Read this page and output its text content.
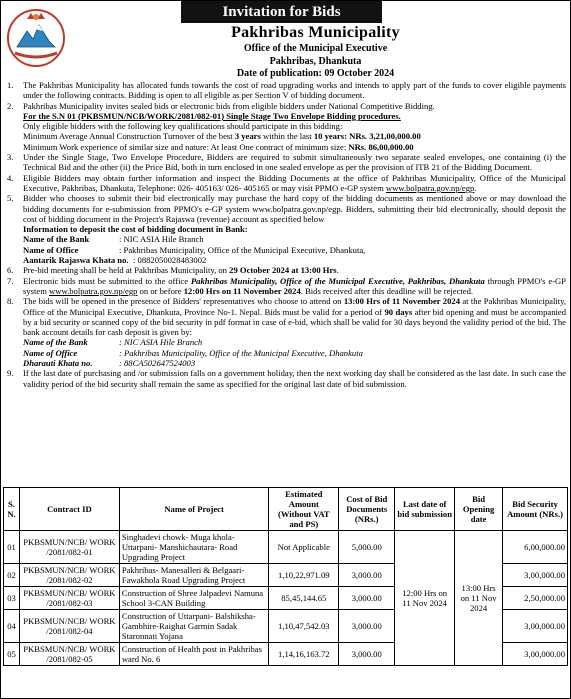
Invitation for Bids
Pakhribas Municipality
Office of the Municipal Executive
Pakhribas, Dhankuta
Date of publication: 09 October 2024
1.	The Pakhribas Municipality has allocated funds towards the cost of road upgrading works and intends to apply part of the funds to cover eligible payments under the following contracts. Bidding is open to all eligible as per Section V of bidding document.
2.	Pakhribas Municipality invites sealed bids or electronic bids from eligible bidders under National Competitive Bidding.
For the S.N 01 (PKBSMUN/NCB/WORK/2081/082-01) Single Stage Two Envelope Bidding procedures.
Only eligible bidders with the following key qualifications should participate in this bidding:
Minimum Average Annual Construction Turnover of the best 3 years within the last 10 years: NRs. 3,21,00,000.00
Minimum Work experience of similar size and nature: At least One contract of minimum size: NRs. 86,00,000.00
3.	Under the Single Stage, Two Envelope Procedure, Bidders are required to submit simultaneously two separate sealed envelopes, one containing (i) the Technical Bid and the other (ii) the Price Bid, both in turn enclosed in one sealed envelope as per the provision of ITB 21 of the Bidding Document.
4.	Eligible Bidders may obtain further information and inspect the Bidding Documents at the office of Pakhribas Municipality, Office of the Municipal Executive, Pakhribas, Dhankuta, Telephone: 026- 405163/ 026- 405165 or may visit PPMO e-GP system www.bolpatra.gov.np/egp.
5.	Bidder who chooses to submit their bid electronically may purchase the hard copy of the bidding documents as mentioned above or may download the bidding documents for e-submission from PPMO's e-GP system www.bolpatra.gov.np/egp. Bidders, submitting their bid electronically, should deposit the cost of bidding document in the Project's Rajaswa (revenue) account as specified below
Information to deposit the cost of bidding document in Bank:
Name of the Bank	: NIC ASIA Hile Branch
Name of Office	: Pakhribas Municipality, Office of the Municipal Executive, Dhankuta,
Aantarik Rajaswa Khata no. : 0882050028483002
6.	Pre-bid meeting shall be held at Pakhribas Municipality, on 29 October 2024 at 13:00 Hrs.
7.	Electronic bids must be submitted to the office Pakhribas Municipality, Office of the Municipal Executive, Pakhribas, Dhankuta through PPMO's e-GP system www.bolpatra.gov.np/egp on or before 12:00 Hrs on 11 November 2024. Bids received after this deadline will be rejected.
8.	The bids will be opened in the presence of Bidders' representatives who choose to attend on 13:00 Hrs of 11 November 2024 at the Pakhribas Municipality, Office of the Municipal Executive, Dhankuta, Province No-1. Nepal. Bids must be valid for a period of 90 days after bid opening and must be accompanied by a bid security or scanned copy of the bid security in pdf format in case of e-bid, which shall be valid for 30 days beyond the validity period of the bid. The bank account details for cash deposit is given by:
Name of the Bank	: NIC ASIA Hile Branch
Name of Office	: Pakhribas Municipality, Office of the Municipal Executive, Dhankuta
Dharauti Khata no.	: 88CA502647524003
9.	If the last date of purchasing and /or submission falls on a government holiday, then the next working day shall be considered as the last date. In such case the validity period of the bid security shall remain the same as specified for the original last date of bid submission.
S. N.	Contract ID	Name of Project	Estimated Amount (Without VAT and PS)	Cost of Bid Documents (NRs.)	Last date of bid submission	Bid Opening date	Bid Security Amount (NRs.)
01	PKBSMUN/NCB/ WORK /2081/082-01	Singhadevi chowk- Muga khola- Uttarpani- Manshichautara- Road Upgrading Project	Not Applicable	5,000.00	12:00 Hrs on 11 Nov 2024	13:00 Hrs on 11 Nov 2024	6,00,000.00
02	PKBSMUN/NCB/ WORK /2081/082-02	Pakhribas- Manesalleri & Belgaari-Fawakhola Road Upgrading Project	1,10,22,971.09	3,000.00			3,00,000.00
03	PKBSMUN/NCB/ WORK /2081/082-03	Construction of Shree Jalpadevi Namuna School 3-CAN Building	85,45,144.65	3,000.00			2,50,000.00
04	PKBSMUN/NCB/ WORK /2081/082-04	Construction of Uttarpani- Balshiksha-Gambhire-Raighat Garmin Sadak Staronnati Yojana	1,10,47,542.03	3,000.00			3,00,000.00
05	PKBSMUN/NCB/ WORK /2081/082-05	Construction of Health post in Pakhribas ward No. 6	1,14,16,163.72	3,000.00			3,00,000.00
